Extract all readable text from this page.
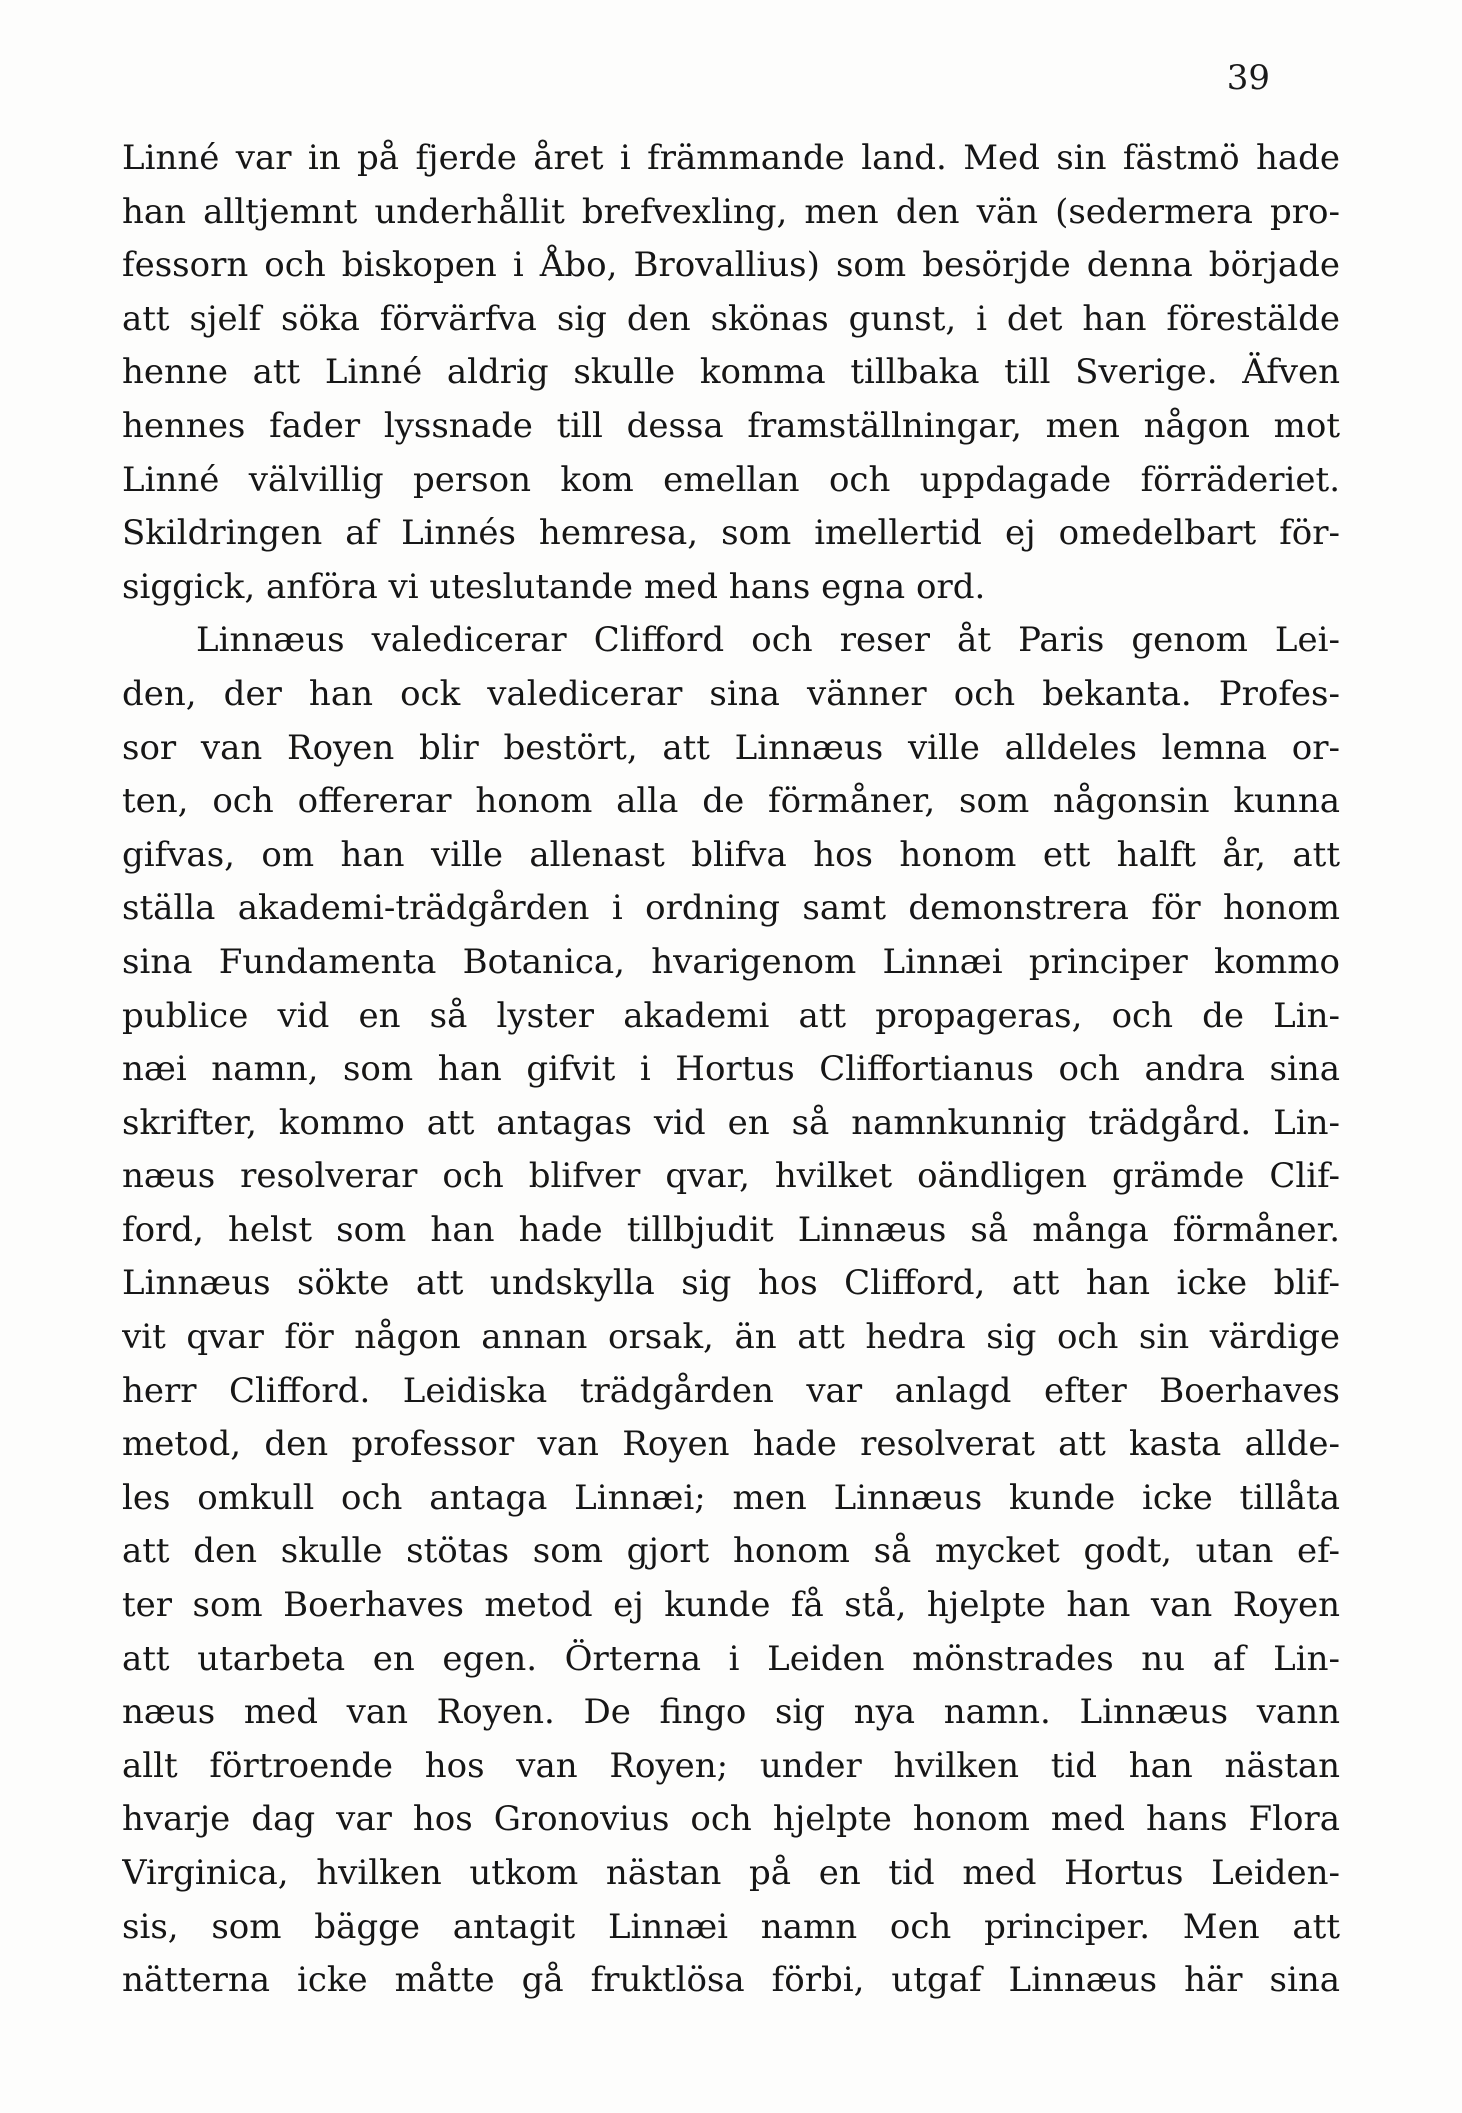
39
Linné var in på fjerde året i främmande land. Med sin fästmö hade
han alltjemnt underhållit brefvexling, men den vän (sedermera pro-
fessorn och biskopen i Åbo, Brovallius) som besörjde denna började
att sjelf söka förvärfva sig den skönas gunst, i det han förestälde
henne att Linné aldrig skulle komma tillbaka till Sverige. Äfven
hennes fader lyssnade till dessa framställningar, men någon mot
Linné välvillig person kom emellan och uppdagade förräderiet.
Skildringen af Linnés hemresa, som imellertid ej omedelbart för-
siggick, anföra vi uteslutande med hans egna ord.
Linnæus valedicerar Clifford och reser åt Paris genom Lei-
den, der han ock valedicerar sina vänner och bekanta. Profes-
sor van Royen blir bestört, att Linnæus ville alldeles lemna or-
ten, och offererar honom alla de förmåner, som någonsin kunna
gifvas, om han ville allenast blifva hos honom ett halft år, att
ställa akademi-trädgården i ordning samt demonstrera för honom
sina Fundamenta Botanica, hvarigenom Linnæi principer kommo
publice vid en så lyster akademi att propageras, och de Lin-
næi namn, som han gifvit i Hortus Cliffortianus och andra sina
skrifter, kommo att antagas vid en så namnkunnig trädgård. Lin-
næus resolverar och blifver qvar, hvilket oändligen grämde Clif-
ford, helst som han hade tillbjudit Linnæus så många förmåner.
Linnæus sökte att undskylla sig hos Clifford, att han icke blif-
vit qvar för någon annan orsak, än att hedra sig och sin värdige
herr Clifford. Leidiska trädgården var anlagd efter Boerhaves
metod, den professor van Royen hade resolverat att kasta allde-
les omkull och antaga Linnæi; men Linnæus kunde icke tillåta
att den skulle stötas som gjort honom så mycket godt, utan ef-
ter som Boerhaves metod ej kunde få stå, hjelpte han van Royen
att utarbeta en egen. Örterna i Leiden mönstrades nu af Lin-
næus med van Royen. De fingo sig nya namn. Linnæus vann
allt förtroende hos van Royen; under hvilken tid han nästan
hvarje dag var hos Gronovius och hjelpte honom med hans Flora
Virginica, hvilken utkom nästan på en tid med Hortus Leiden-
sis, som bägge antagit Linnæi namn och principer. Men att
nätterna icke måtte gå fruktlösa förbi, utgaf Linnæus här sina
